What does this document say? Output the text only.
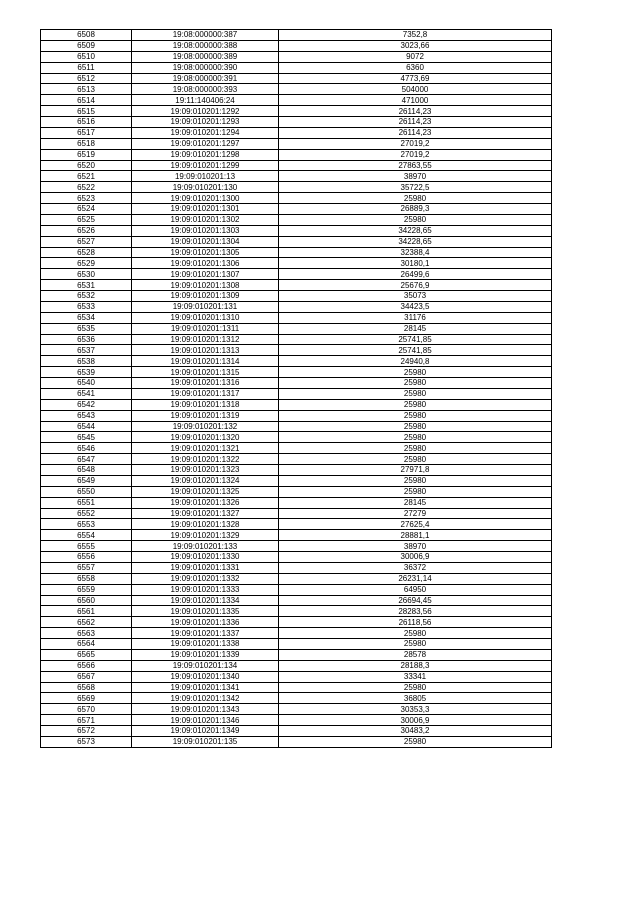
6508	19:08:000000:387	7352,8
6509	19:08:000000:388	3023,66
6510	19:08:000000:389	9072
6511	19:08:000000:390	6360
6512	19:08:000000:391	4773,69
6513	19:08:000000:393	504000
6514	19:11:140406:24	471000
6515	19:09:010201:1292	26114,23
6516	19:09:010201:1293	26114,23
6517	19:09:010201:1294	26114,23
6518	19:09:010201:1297	27019,2
6519	19:09:010201:1298	27019,2
6520	19:09:010201:1299	27863,55
6521	19:09:010201:13	38970
6522	19:09:010201:130	35722,5
6523	19:09:010201:1300	25980
6524	19:09:010201:1301	26889,3
6525	19:09:010201:1302	25980
6526	19:09:010201:1303	34228,65
6527	19:09:010201:1304	34228,65
6528	19:09:010201:1305	32388,4
6529	19:09:010201:1306	30180,1
6530	19:09:010201:1307	26499,6
6531	19:09:010201:1308	25676,9
6532	19:09:010201:1309	35073
6533	19:09:010201:131	34423,5
6534	19:09:010201:1310	31176
6535	19:09:010201:1311	28145
6536	19:09:010201:1312	25741,85
6537	19:09:010201:1313	25741,85
6538	19:09:010201:1314	24940,8
6539	19:09:010201:1315	25980
6540	19:09:010201:1316	25980
6541	19:09:010201:1317	25980
6542	19:09:010201:1318	25980
6543	19:09:010201:1319	25980
6544	19:09:010201:132	25980
6545	19:09:010201:1320	25980
6546	19:09:010201:1321	25980
6547	19:09:010201:1322	25980
6548	19:09:010201:1323	27971,8
6549	19:09:010201:1324	25980
6550	19:09:010201:1325	25980
6551	19:09:010201:1326	28145
6552	19:09:010201:1327	27279
6553	19:09:010201:1328	27625,4
6554	19:09:010201:1329	28881,1
6555	19:09:010201:133	38970
6556	19:09:010201:1330	30006,9
6557	19:09:010201:1331	36372
6558	19:09:010201:1332	26231,14
6559	19:09:010201:1333	64950
6560	19:09:010201:1334	26694,45
6561	19:09:010201:1335	28283,56
6562	19:09:010201:1336	26118,56
6563	19:09:010201:1337	25980
6564	19:09:010201:1338	25980
6565	19:09:010201:1339	28578
6566	19:09:010201:134	28188,3
6567	19:09:010201:1340	33341
6568	19:09:010201:1341	25980
6569	19:09:010201:1342	36805
6570	19:09:010201:1343	30353,3
6571	19:09:010201:1346	30006,9
6572	19:09:010201:1349	30483,2
6573	19:09:010201:135	25980
